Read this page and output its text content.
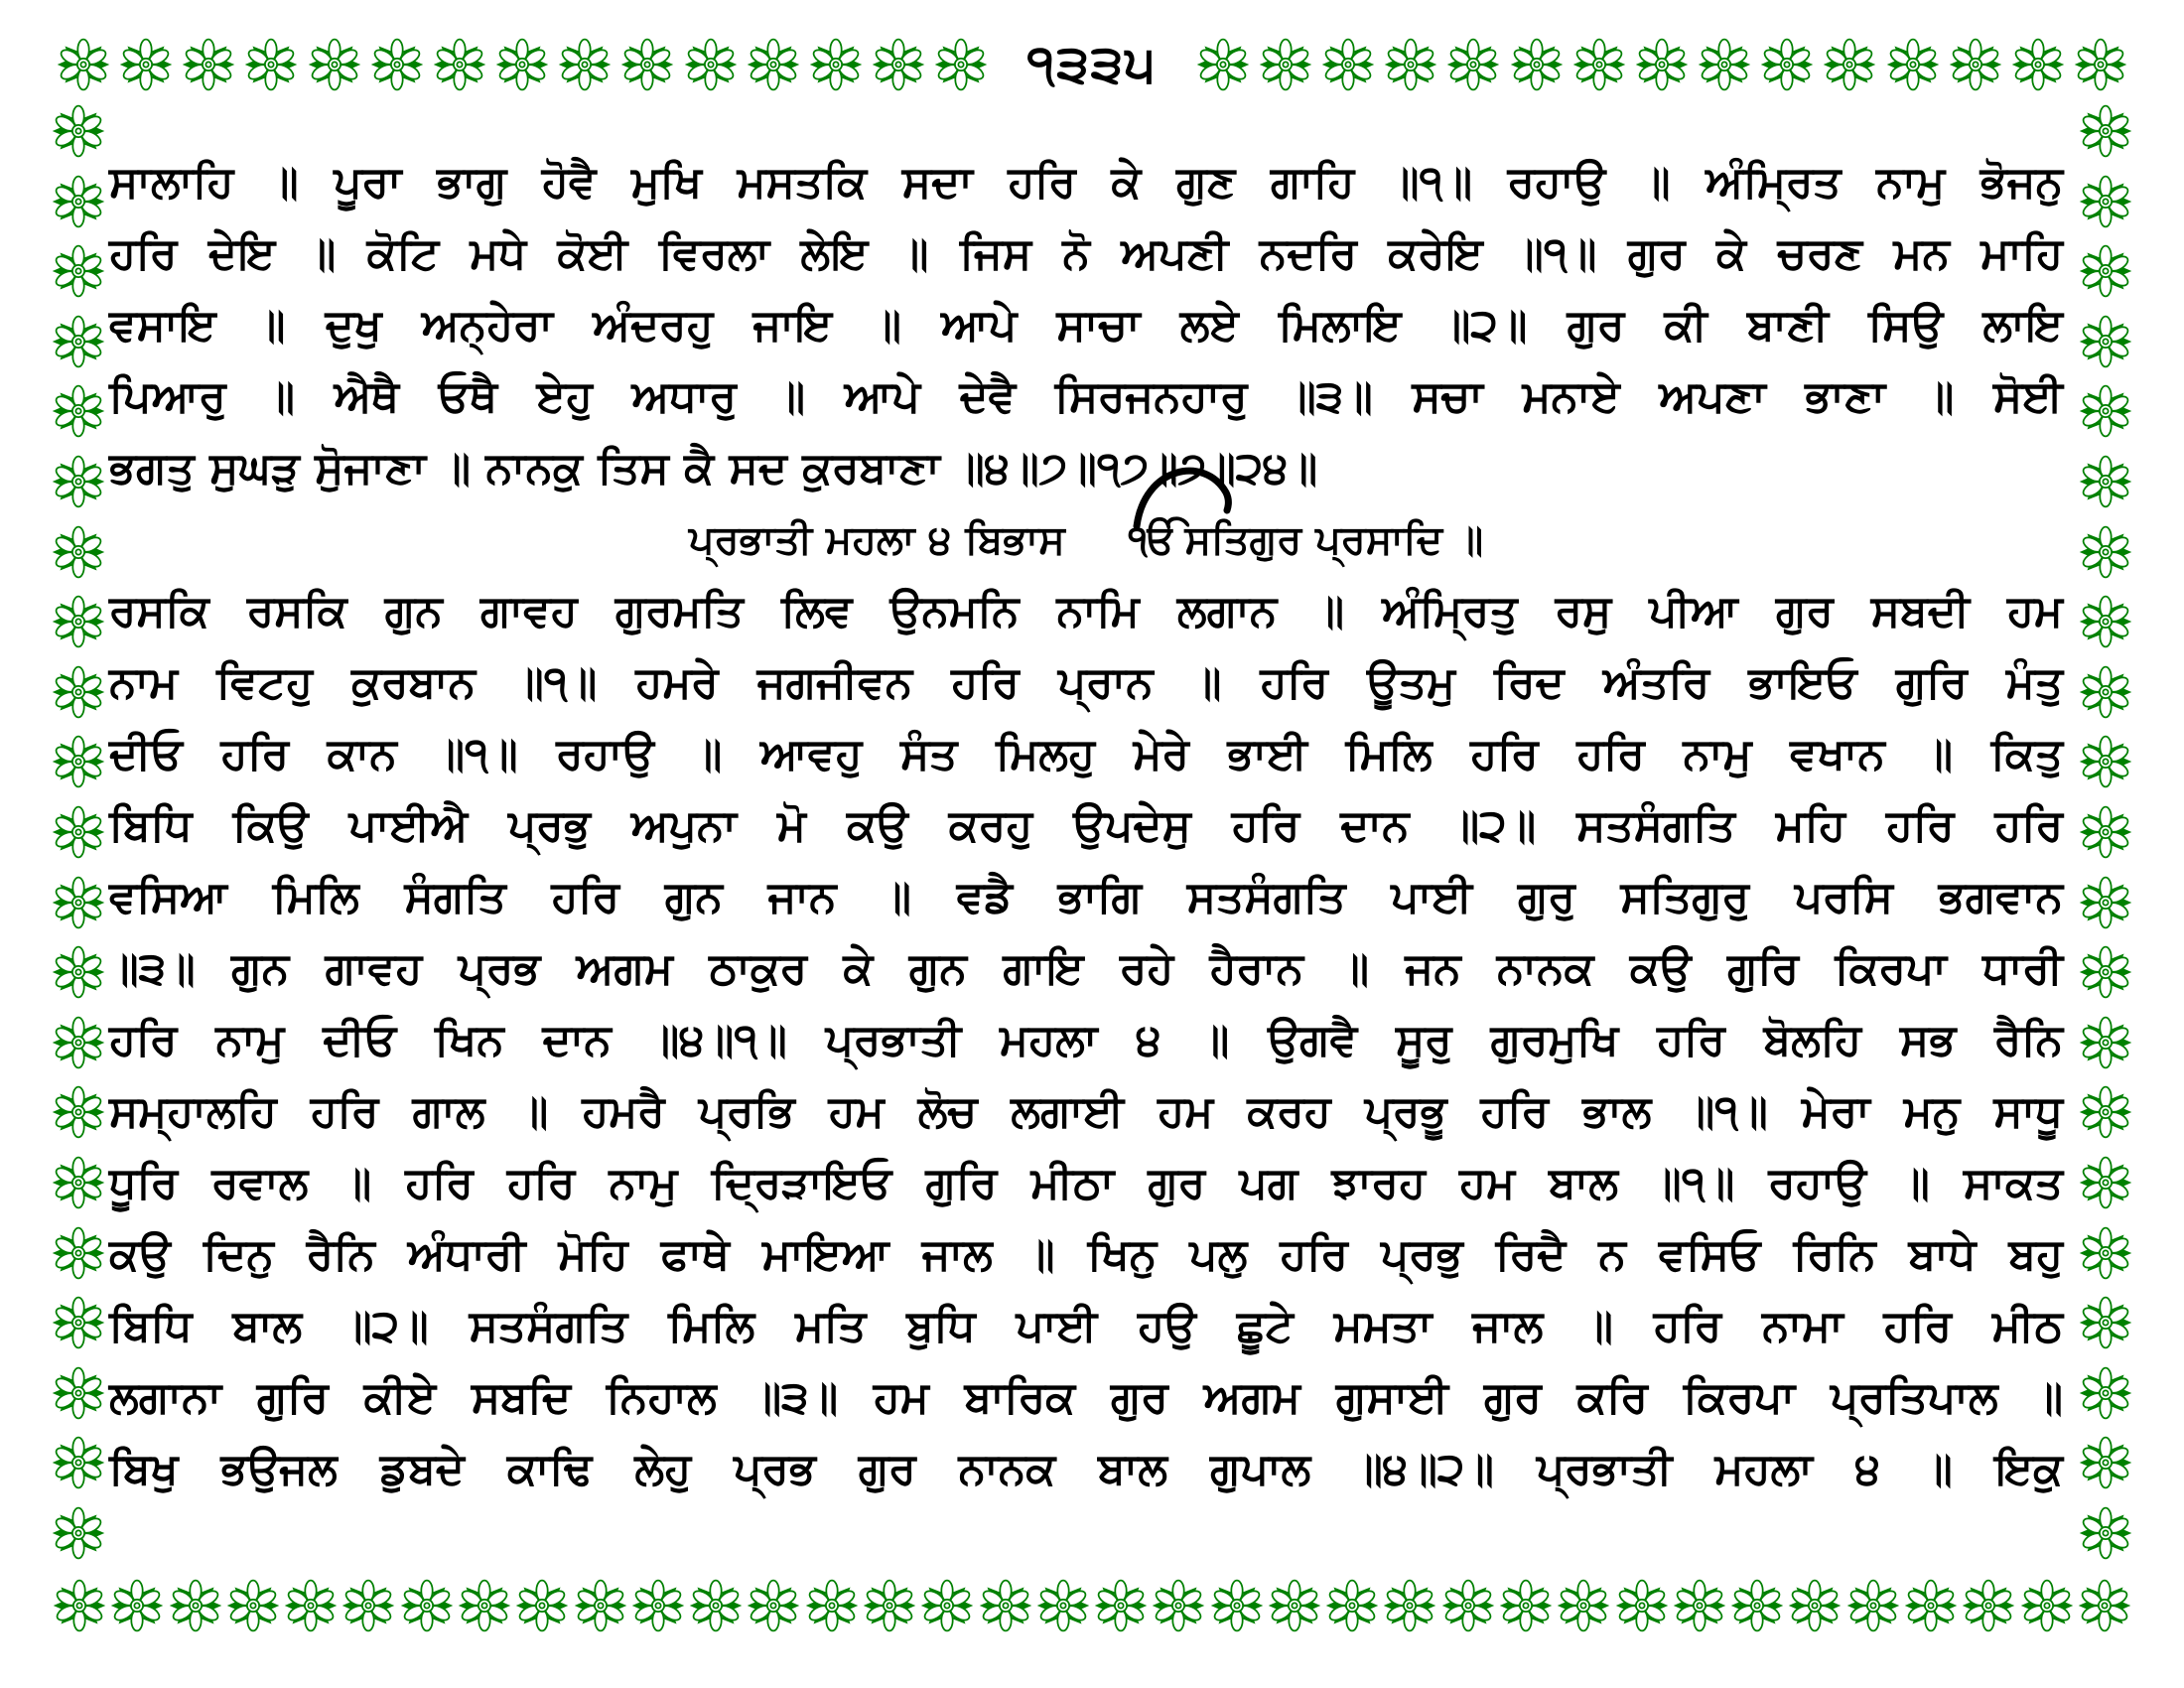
੧੩੩੫
ਸਾਲਾਹਿ ॥ ਪੂਰਾ ਭਾਗੁ ਹੋਵੈ ਮੁਖਿ ਮਸਤਕਿ ਸਦਾ ਹਰਿ ਕੇ ਗੁਣ ਗਾਹਿ ॥੧॥ ਰਹਾਉ ॥ ਅੰਮ੍ਰਿਤ ਨਾਮੁ ਭੋਜਨੁ
ਹਰਿ ਦੇਇ ॥ ਕੋਟਿ ਮਧੇ ਕੋਈ ਵਿਰਲਾ ਲੇਇ ॥ ਜਿਸ ਨੋ ਅਪਣੀ ਨਦਰਿ ਕਰੇਇ ॥੧॥ ਗੁਰ ਕੇ ਚਰਣ ਮਨ ਮਾਹਿ
ਵਸਾਇ ॥ ਦੁਖੁ ਅਨ੍ਹੇਰਾ ਅੰਦਰਹੁ ਜਾਇ ॥ ਆਪੇ ਸਾਚਾ ਲਏ ਮਿਲਾਇ ॥੨॥ ਗੁਰ ਕੀ ਬਾਣੀ ਸਿਉ ਲਾਇ
ਪਿਆਰੁ ॥ ਐਥੈ ਓਥੈ ਏਹੁ ਅਧਾਰੁ ॥ ਆਪੇ ਦੇਵੈ ਸਿਰਜਨਹਾਰੁ ॥੩॥ ਸਚਾ ਮਨਾਏ ਅਪਣਾ ਭਾਣਾ ॥ ਸੋਈ
ਭਗਤੁ ਸੁਘੜੁ ਸੁੋਜਾਣਾ ॥ ਨਾਨਕੁ ਤਿਸ ਕੈ ਸਦ ਕੁਰਬਾਣਾ ॥੪॥੭॥੧੭॥੭॥੨੪॥
ਪ੍ਰਭਾਤੀ ਮਹਲਾ ੪ ਬਿਭਾਸ ੴ  ਸਤਿਗੁਰ ਪ੍ਰਸਾਦਿ ॥
ਰਸਕਿ ਰਸਕਿ ਗੁਨ ਗਾਵਹ ਗੁਰਮਤਿ ਲਿਵ ਉਨਮਨਿ ਨਾਮਿ ਲਗਾਨ ॥ ਅੰਮ੍ਰਿਤੁ ਰਸੁ ਪੀਆ ਗੁਰ ਸਬਦੀ ਹਮ
ਨਾਮ ਵਿਟਹੁ ਕੁਰਬਾਨ ॥੧॥ ਹਮਰੇ ਜਗਜੀਵਨ ਹਰਿ ਪ੍ਰਾਨ ॥ ਹਰਿ ਊਤਮੁ ਰਿਦ ਅੰਤਰਿ ਭਾਇਓ ਗੁਰਿ ਮੰਤੁ
ਦੀਓ ਹਰਿ ਕਾਨ ॥੧॥ ਰਹਾਉ ॥ ਆਵਹੁ ਸੰਤ ਮਿਲਹੁ ਮੇਰੇ ਭਾਈ ਮਿਲਿ ਹਰਿ ਹਰਿ ਨਾਮੁ ਵਖਾਨ ॥ ਕਿਤੁ
ਬਿਧਿ ਕਿਉ ਪਾਈਐ ਪ੍ਰਭੁ ਅਪੁਨਾ ਮੋ ਕਉ ਕਰਹੁ ਉਪਦੇਸੁ ਹਰਿ ਦਾਨ ॥੨॥ ਸਤਸੰਗਤਿ ਮਹਿ ਹਰਿ ਹਰਿ
ਵਸਿਆ ਮਿਲਿ ਸੰਗਤਿ ਹਰਿ ਗੁਨ ਜਾਨ ॥ ਵਡੈ ਭਾਗਿ ਸਤਸੰਗਤਿ ਪਾਈ ਗੁਰੁ ਸਤਿਗੁਰੁ ਪਰਸਿ ਭਗਵਾਨ
॥੩॥ ਗੁਨ ਗਾਵਹ ਪ੍ਰਭ ਅਗਮ ਠਾਕੁਰ ਕੇ ਗੁਨ ਗਾਇ ਰਹੇ ਹੈਰਾਨ ॥ ਜਨ ਨਾਨਕ ਕਉ ਗੁਰਿ ਕਿਰਪਾ ਧਾਰੀ
ਹਰਿ ਨਾਮੁ ਦੀਓ ਖਿਨ ਦਾਨ ॥੪॥੧॥ ਪ੍ਰਭਾਤੀ ਮਹਲਾ ੪ ॥ ਉਗਵੈ ਸੂਰੁ ਗੁਰਮੁਖਿ ਹਰਿ ਬੋਲਹਿ ਸਭ ਰੈਨਿ
ਸਮ੍ਹਾਲਹਿ ਹਰਿ ਗਾਲ ॥ ਹਮਰੈ ਪ੍ਰਭਿ ਹਮ ਲੋਚ ਲਗਾਈ ਹਮ ਕਰਹ ਪ੍ਰਭੂ ਹਰਿ ਭਾਲ ॥੧॥ ਮੇਰਾ ਮਨੁ ਸਾਧੂ
ਧੂਰਿ ਰਵਾਲ ॥ ਹਰਿ ਹਰਿ ਨਾਮੁ ਦ੍ਰਿੜਾਇਓ ਗੁਰਿ ਮੀਠਾ ਗੁਰ ਪਗ ਝਾਰਹ ਹਮ ਬਾਲ ॥੧॥ ਰਹਾਉ ॥ ਸਾਕਤ
ਕਉ ਦਿਨੁ ਰੈਨਿ ਅੰਧਾਰੀ ਮੋਹਿ ਫਾਥੇ ਮਾਇਆ ਜਾਲ ॥ ਖਿਨੁ ਪਲੁ ਹਰਿ ਪ੍ਰਭੁ ਰਿਦੈ ਨ ਵਸਿਓ ਰਿਨਿ ਬਾਧੇ ਬਹੁ
ਬਿਧਿ ਬਾਲ ॥੨॥ ਸਤਸੰਗਤਿ ਮਿਲਿ ਮਤਿ ਬੁਧਿ ਪਾਈ ਹਉ ਛੂਟੇ ਮਮਤਾ ਜਾਲ ॥ ਹਰਿ ਨਾਮਾ ਹਰਿ ਮੀਠ
ਲਗਾਨਾ ਗੁਰਿ ਕੀਏ ਸਬਦਿ ਨਿਹਾਲ ॥੩॥ ਹਮ ਬਾਰਿਕ ਗੁਰ ਅਗਮ ਗੁਸਾਈ ਗੁਰ ਕਰਿ ਕਿਰਪਾ ਪ੍ਰਤਿਪਾਲ ॥
ਬਿਖੁ ਭਉਜਲ ਡੁਬਦੇ ਕਾਢਿ ਲੇਹੁ ਪ੍ਰਭ ਗੁਰ ਨਾਨਕ ਬਾਲ ਗੁਪਾਲ ॥੪॥੨॥ ਪ੍ਰਭਾਤੀ ਮਹਲਾ ੪ ॥ ਇਕੁ
